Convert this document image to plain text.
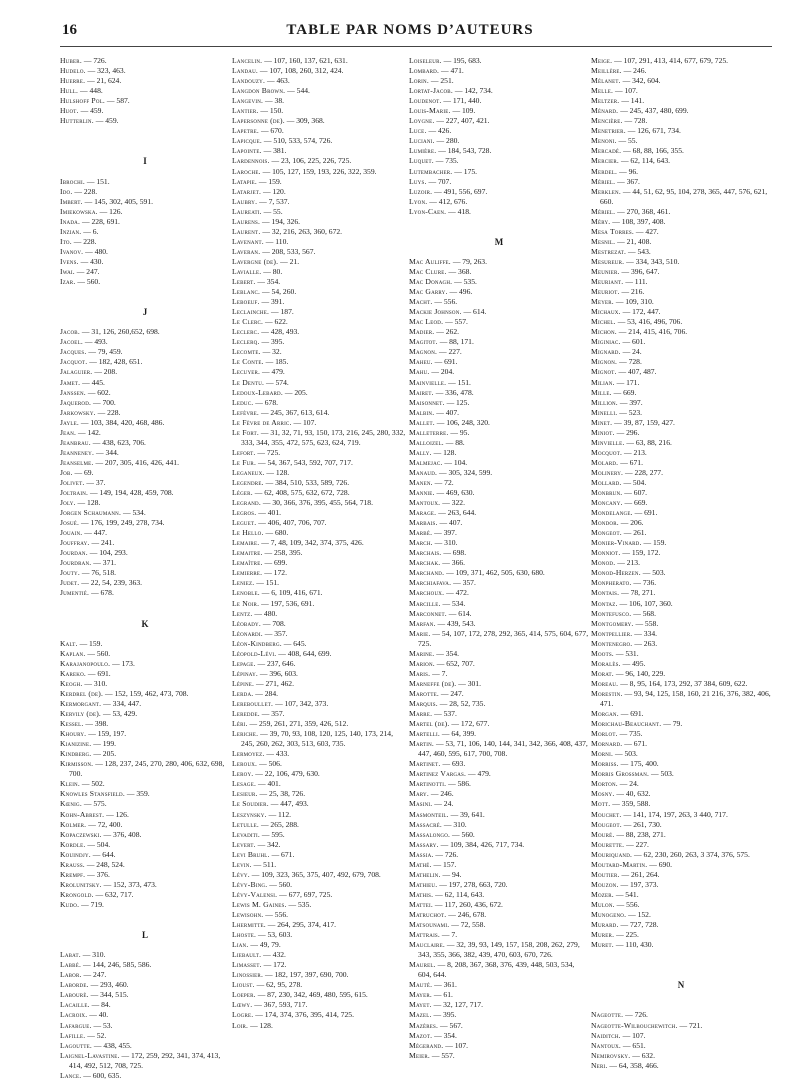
16	TABLE PAR NOMS D’AUTEURS
Huber. — 726.
Hudelo. — 323, 463.
Huerre. — 21, 624.
Hull. — 448.
Hulshoff Pol. — 587.
Huot. — 459.
Hutterlin. — 459.
I
Ibrochi. — 151.
Ido. — 228.
Imbert. — 145, 302, 405, 591.
Imiekowska. — 126.
Inada. — 228, 691.
Inzian. — 6.
Ito. — 228.
Ivanov. — 480.
Ivens. — 430.
Iwai. — 247.
Izar. — 560.
J
Jacob. — 31, 126, 260,652, 698.
Jacoel. — 493.
Jacques. — 79, 459.
Jacquot. — 182, 428, 651.
Jalaguier. — 208.
Jamet. — 445.
Janssen. — 602.
Jaquerod. — 700.
Jarkowsky. — 228.
Jayle. — 103, 384, 420, 468, 486.
Jean. — 142.
Jeanbrau. — 438, 623, 706.
Jeanneney. — 344.
Jeanselme. — 207, 305, 416, 426, 441.
Job. — 69.
Jolivet. — 37.
Joltrain. — 149, 194, 428, 459, 708.
Joly. — 128.
Jorgen Schaumann. — 534.
Josué. — 176, 199, 249, 278, 734.
Jouain. — 447.
Jouffray. — 241.
Jourdan. — 104, 293.
Jourdran. — 371.
Jouty. — 76, 518.
Judet. — 22, 54, 239, 363.
Jumentié. — 678.
K
Kalt. — 159.
Kaplan. — 560.
Karajanopoulo. — 173.
Kareko. — 691.
Keogh. — 310.
Kerdrel (de). — 152, 159, 462, 473, 708.
Kermorgant. — 334, 447.
Kervily (de). — 53, 429.
Kessel. — 398.
Khoury. — 159, 197.
Kianizine. — 199.
Kindberg. — 205.
Kirmisson. — 128, 237, 245, 270, 280, 406, 632, 698, 700.
Klein. — 502.
Knowles Stansfield. — 359.
Kœnig. — 575.
Kohn-Abrest. — 126.
Kolmer. — 72, 400.
Kopaczewski. — 376, 408.
Kordle. — 504.
Kouindjy. — 644.
Krauss. — 248, 524.
Krempf. — 376.
Krolunitsky. — 152, 373, 473.
Krongold. — 632, 717.
Kudo. — 719.
L
Labat. — 310.
Labbé. — 144, 246, 585, 586.
Labor. — 247.
Laborde. — 293, 460.
Labourè. — 344, 515.
Lacaille. — 84.
Lacroix. — 40.
Lafargue. — 53.
Lafille. — 52.
Lagoutte. — 438, 455.
Laignel-Lavastine. — 172, 259, 292, 341, 374, 413, 414, 492, 512, 708, 725.
Lance. — 600, 635.
Lancelin. — 107, 160, 137, 621, 631.
Landau. — 107, 108, 260, 312, 424.
Landouzy. — 463.
Langdon Brown. — 544.
Langevin. — 38.
Lantier. — 150.
Lapersonne (de). — 309, 368.
Lapetre. — 670.
Lapicque. — 510, 533, 574, 726.
Lapointe. — 381.
Lardennois. — 23, 106, 225, 226, 725.
Laroche. — 105, 127, 159, 193, 226, 322, 359.
Latapie. — 159.
Latarjet. — 120.
Laubry. — 7, 537.
Laureati. — 55.
Laurens. — 194, 326.
Laurent. — 32, 216, 263, 360, 672.
Lavenant. — 110.
Laveran. — 208, 533, 567.
Lavergne (de). — 21.
Lavialle. — 80.
Lebert. — 354.
Leblanc. — 54, 260.
Leboeuf. — 391.
Leclainche. — 187.
Le Clerc. — 622.
Leclerc. — 428, 493.
Leclerq. — 395.
Lecomte. — 32.
Le Conte. — 185.
Lecuyer. — 479.
Le Dentu. — 574.
Ledoux-Lebard. — 205.
Leduc. — 678.
Lefèvre. — 245, 367, 613, 614.
Le Fèvre de Arric. — 107.
Le Fort. — 31, 32, 71, 93, 150, 173, 216, 245, 280, 332, 333, 344, 355, 472, 575, 623, 624, 719.
Lefort. — 725.
Le Fur. — 54, 367, 543, 592, 707, 717.
Leganeux. — 128.
Legendre. — 384, 510, 533, 589, 726.
Léger. — 62, 408, 575, 632, 672, 728.
Legrand. — 30, 366, 376, 395, 455, 564, 718.
Legros. — 401.
Leguet. — 406, 407, 706, 707.
Le Hello. — 680.
Lemaire. — 7, 48, 109, 342, 374, 375, 426.
Lemaitre. — 258, 395.
Lemaître. — 699.
Lemierre. — 172.
Leniez. — 151.
Lenoble. — 6, 109, 416, 671.
Le Noir. — 197, 536, 691.
Lentz. — 480.
Léobady. — 708.
Léonardi. — 357.
Léon-Kindberg. — 645.
Léopold-Lévi. — 408, 644, 699.
Lepage. — 237, 646.
Lépinay. — 396, 603.
Lépine. — 271, 462.
Lerda. — 284.
Lereboullet. — 107, 342, 373.
Leredde. — 357.
Léri. — 259, 261, 271, 359, 426, 512.
Leriche. — 39, 70, 93, 108, 120, 125, 140, 173, 214, 245, 260, 262, 303, 513, 603, 735.
Lermoyez. — 433.
Leroux. — 506.
Leroy. — 22, 106, 479, 630.
Lesage. — 401.
Lesieur. — 25, 38, 726.
Le Soudier. — 447, 493.
Leszynsky. — 112.
Letulle. — 265, 288.
Levaditi. — 595.
Levert. — 342.
Levi Bruhl. — 671.
Levin. — 511.
Lévy. — 109, 323, 365, 375, 407, 492, 679, 708.
Lévy-Bing. — 560.
Lévy-Valensi. — 677, 697, 725.
Lewis M. Gaines. — 535.
Lewisohn. — 556.
Lhermitte. — 264, 295, 374, 417.
Lhoste. — 53, 603.
Lian. — 49, 79.
Liebault. — 432.
Limasset. — 172.
Linossier. — 182, 197, 397, 690, 700.
Lioust. — 62, 95, 278.
Loeper. — 87, 230, 342, 469, 480, 595, 615.
Lœwy. — 367, 593, 717.
Logre. — 174, 374, 376, 395, 414, 725.
Loir. — 128.
Loiseleur. — 195, 683.
Lombard. — 471.
Lorin. — 251.
Lortat-Jacob. — 142, 734.
Loudenot. — 171, 440.
Louis-Marie. — 109.
Loygne. — 227, 407, 421.
Luce. — 426.
Luciani. — 280.
Lumière. — 184, 543, 728.
Luquet. — 735.
Lutembacher. — 175.
Luys. — 707.
Luzoir. — 491, 556, 697.
Lyon. — 412, 676.
Lyon-Caen. — 418.
M
Mac Auliffe. — 79, 263.
Mac Clure. — 368.
Mac Donagh. — 535.
Mac Garry. — 496.
Macht. — 556.
Mackie Johnson. — 614.
Mac Leod. — 557.
Madier. — 262.
Magitot. — 88, 171.
Magnon. — 227.
Maheu. — 691.
Mahu. — 204.
Mainvielle. — 151.
Mairet. — 336, 478.
Maisonnet. — 125.
Malbin. — 407.
Mallet. — 106, 248, 320.
Malleterre. — 95.
Malloizel. — 88.
Mally. — 128.
Malmejac. — 104.
Manaud. — 305, 324, 599.
Manen. — 72.
Mannie. — 469, 630.
Mantoux. — 322.
Marage. — 263, 644.
Marbais. — 407.
Marbé. — 397.
March. — 310.
Marchais. — 698.
Marchak. — 366.
Marchand. — 109, 371, 462, 505, 630, 680.
Marchiafava. — 357.
Marchoux. — 472.
Marcille. — 534.
Marconnet. — 614.
Marfan. — 439, 543.
Marie. — 54, 107, 172, 278, 292, 365, 414, 575, 604, 677, 725.
Marine. — 354.
Marion. — 652, 707.
Maris. — 7.
Marneffe (de). — 301.
Marotte. — 247.
Marquis. — 28, 52, 735.
Marre. — 537.
Martel (de). — 172, 677.
Martelli. — 64, 399.
Martin. — 53, 71, 106, 140, 144, 341, 342, 366, 408, 437, 447, 460, 595, 617, 700, 708.
Martinet. — 693.
Martinez Vargas. — 479.
Martinotti. — 586.
Mary. — 246.
Masini. — 24.
Masmonteil. — 39, 641.
Massacré. — 310.
Massalongo. — 560.
Massary. — 109, 384, 426, 717, 734.
Massia. — 726.
Mathé. — 157.
Mathelin. — 94.
Mathieu. — 197, 278, 663, 720.
Mathis. — 62, 114, 643.
Mattei. — 117, 260, 436, 672.
Matruchot. — 246, 678.
Matsounami. — 72, 558.
Mattrais. — 7.
Mauclaire. — 32, 39, 93, 149, 157, 158, 208, 262, 279, 343, 355, 366, 382, 439, 470, 603, 670, 726.
Maurel. — 8, 208, 367, 368, 376, 439, 448, 503, 534, 604, 644.
Mauté. — 361.
Mayer. — 61.
Mayet. — 32, 127, 717.
Mazel. — 395.
Mazères. — 567.
Mazot. — 354.
Mégerand. — 107.
Meier. — 557.
Meige. — 107, 291, 413, 414, 677, 679, 725.
Meillère. — 246.
Mélanet. — 342, 604.
Melle. — 107.
Meltzer. — 141.
Ménard. — 245, 437, 480, 699.
Mencière. — 728.
Menetrier. — 126, 671, 734.
Menoni. — 55.
Mercadé. — 68, 88, 166, 355.
Mercier. — 62, 114, 643.
Merdel. — 96.
Mériel. — 367.
Merklen. — 44, 51, 62, 95, 104, 278, 365, 447, 576, 621, 660.
Mériel. — 270, 368, 461.
Méry. — 108, 397, 408.
Mesa Torres. — 427.
Mesnil. — 21, 408.
Mestrezat. — 543.
Mesureur. — 334, 343, 510.
Meunier. — 396, 647.
Meuriant. — 111.
Meuriot. — 216.
Meyer. — 109, 310.
Michaux. — 172, 447.
Michel. — 53, 416, 496, 706.
Michon. — 214, 415, 416, 706.
Miginiac. — 601.
Mignard. — 24.
Mignon. — 728.
Mignot. — 407, 487.
Milian. — 171.
Mille. — 669.
Million. — 397.
Minelli. — 523.
Minet. — 39, 87, 159, 427.
Miniot. — 296.
Minvielle. — 63, 88, 216.
Mocquot. — 213.
Molard. — 671.
Molinery. — 228, 277.
Mollard. — 504.
Monbrun. — 607.
Moncany. — 669.
Mondelange. — 691.
Mondor. — 206.
Mongeot. — 261.
Monier-Vinard. — 159.
Monniot. — 159, 172.
Monod. — 213.
Monod-Herzen. — 503.
Monpherato. — 736.
Montais. — 78, 271.
Montaz. — 106, 107, 360.
Montefusco. — 568.
Montgomery. — 558.
Montpellier. — 334.
Montenegro. — 263.
Moots. — 531.
Moralès. — 495.
Morat. — 96, 140, 229.
Moreau. — 8, 95, 164, 173, 292, 37 384, 609, 622.
Morestin. — 93, 94, 125, 158, 160, 21 216, 376, 382, 406, 471.
Morgan. — 691.
Morichau-Beauchant. — 79.
Morlot. — 735.
Mornard. — 671.
Morni. — 503.
Morriss. — 175, 400.
Morris Grossman. — 503.
Morton. — 24.
Mosny. — 40, 632.
Mott. — 359, 588.
Mouchet. — 141, 174, 197, 263, 3 440, 717.
Mougeot. — 261, 730.
Mouré. — 88, 238, 271.
Mourette. — 227.
Mouriquand. — 62, 230, 260, 263, 3 374, 376, 575.
Moutard-Martin. — 690.
Moutier. — 261, 264.
Mouzon. — 197, 373.
Mozer. — 541.
Mulon. — 556.
Munogeno. — 152.
Murard. — 727, 728.
Murer. — 225.
Muret. — 110, 430.
N
Nageotte. — 726.
Nageotte-Wilbouchewitch. — 721.
Naiditch. — 107.
Nantoux. — 651.
Nemirovsky. — 632.
Neri. — 64, 358, 466.
